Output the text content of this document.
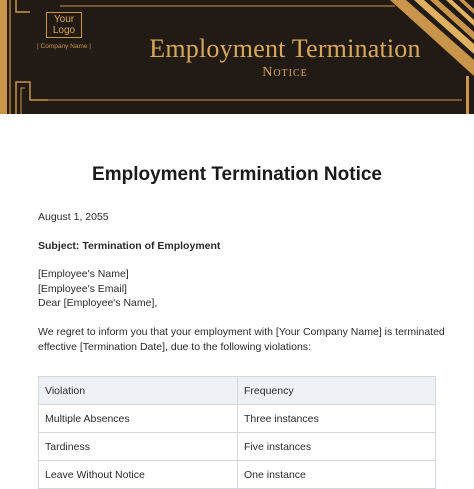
Your
Logo
| Company Name |	Employment Termination
Notice
Employment Termination Notice
August 1, 2055
Subject: Termination of Employment
[Employee's Name]
[Employee's Email]
Dear [Employee's Name],
We regret to inform you that your employment with [Your Company Name] is terminated
effective [Termination Date], due to the following violations:
Violation	Frequency
Multiple Absences	Three instances
Tardiness	Five instances
Leave Without Notice	One instance
